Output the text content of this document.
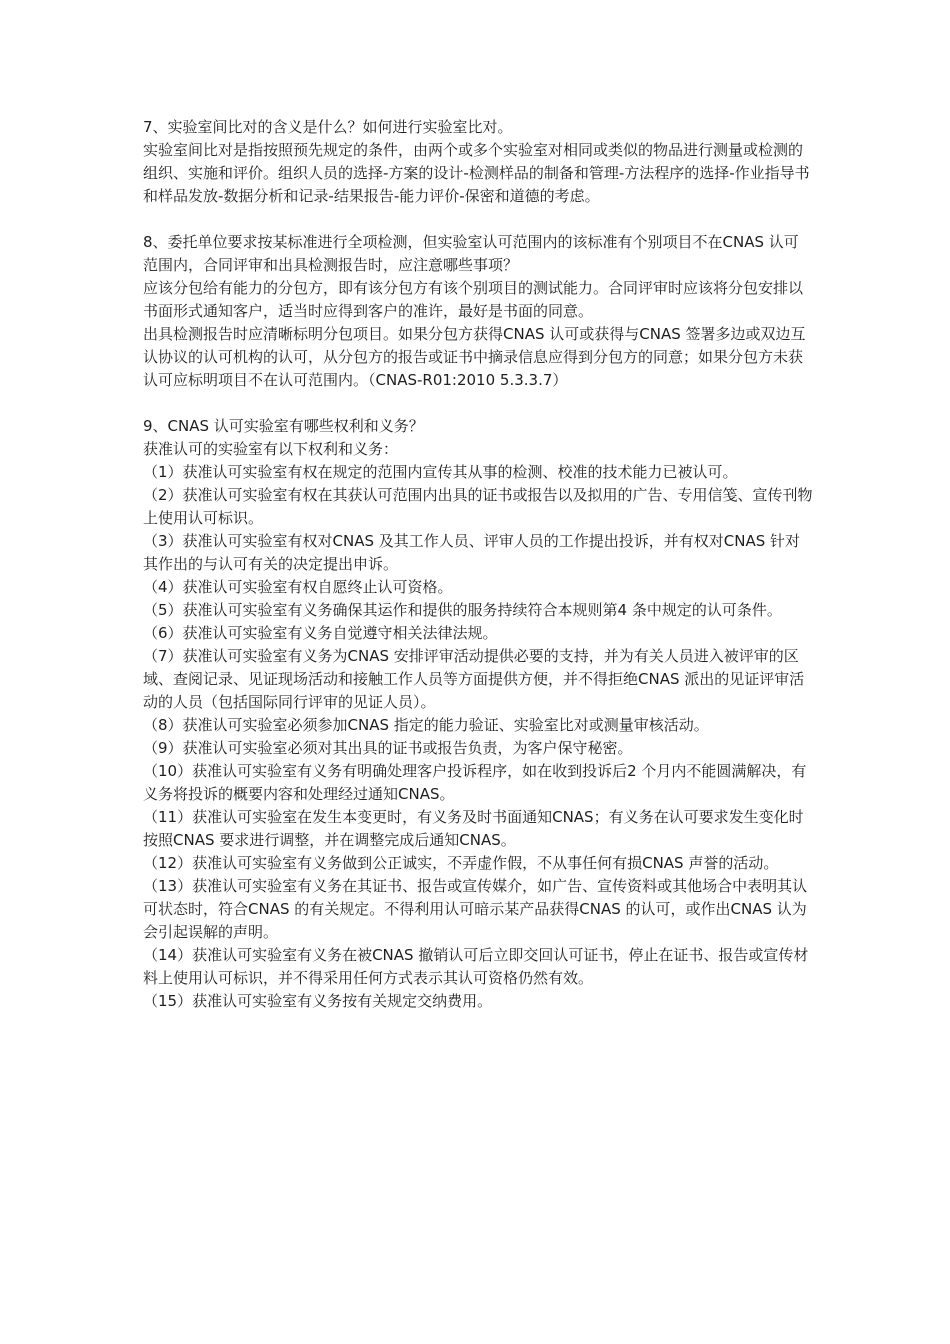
7、实验室间比对的含义是什么？如何进行实验室比对。

实验室间比对是指按照预先规定的条件，由两个或多个实验室对相同或类似的物品进行测量或检测的组织、实施和评价。组织人员的选择-方案的设计-检测样品的制备和管理-方法程序的选择-作业指导书和样品发放-数据分析和记录-结果报告-能力评价-保密和道德的考虑。

8、委托单位要求按某标准进行全项检测，但实验室认可范围内的该标准有个别项目不在CNAS 认可范围内，合同评审和出具检测报告时，应注意哪些事项？

应该分包给有能力的分包方，即有该分包方有该个别项目的测试能力。合同评审时应该将分包安排以书面形式通知客户，适当时应得到客户的准许，最好是书面的同意。

出具检测报告时应清晰标明分包项目。如果分包方获得CNAS 认可或获得与CNAS 签署多边或双边互认协议的认可机构的认可，从分包方的报告或证书中摘录信息应得到分包方的同意；如果分包方未获认可应标明项目不在认可范围内。（CNAS-R01:2010 5.3.3.7）

9、CNAS 认可实验室有哪些权利和义务？

获准认可的实验室有以下权利和义务：

（1）获准认可实验室有权在规定的范围内宣传其从事的检测、校准的技术能力已被认可。

（2）获准认可实验室有权在其获认可范围内出具的证书或报告以及拟用的广告、专用信笺、宣传刊物上使用认可标识。

（3）获准认可实验室有权对CNAS 及其工作人员、评审人员的工作提出投诉，并有权对CNAS 针对其作出的与认可有关的决定提出申诉。

（4）获准认可实验室有权自愿终止认可资格。

（5）获准认可实验室有义务确保其运作和提供的服务持续符合本规则第4 条中规定的认可条件。

（6）获准认可实验室有义务自觉遵守相关法律法规。

（7）获准认可实验室有义务为CNAS 安排评审活动提供必要的支持，并为有关人员进入被评审的区域、查阅记录、见证现场活动和接触工作人员等方面提供方便，并不得拒绝CNAS 派出的见证评审活动的人员（包括国际同行评审的见证人员）。

（8）获准认可实验室必须参加CNAS 指定的能力验证、实验室比对或测量审核活动。

（9）获准认可实验室必须对其出具的证书或报告负责，为客户保守秘密。

（10）获准认可实验室有义务有明确处理客户投诉程序，如在收到投诉后2 个月内不能圆满解决，有义务将投诉的概要内容和处理经过通知CNAS。

（11）获准认可实验室在发生本变更时，有义务及时书面通知CNAS；有义务在认可要求发生变化时按照CNAS 要求进行调整，并在调整完成后通知CNAS。

（12）获准认可实验室有义务做到公正诚实，不弄虚作假，不从事任何有损CNAS 声誉的活动。

（13）获准认可实验室有义务在其证书、报告或宣传媒介，如广告、宣传资料或其他场合中表明其认可状态时，符合CNAS 的有关规定。不得利用认可暗示某产品获得CNAS 的认可，或作出CNAS 认为会引起误解的声明。

（14）获准认可实验室有义务在被CNAS 撤销认可后立即交回认可证书，停止在证书、报告或宣传材料上使用认可标识，并不得采用任何方式表示其认可资格仍然有效。

（15）获准认可实验室有义务按有关规定交纳费用。
